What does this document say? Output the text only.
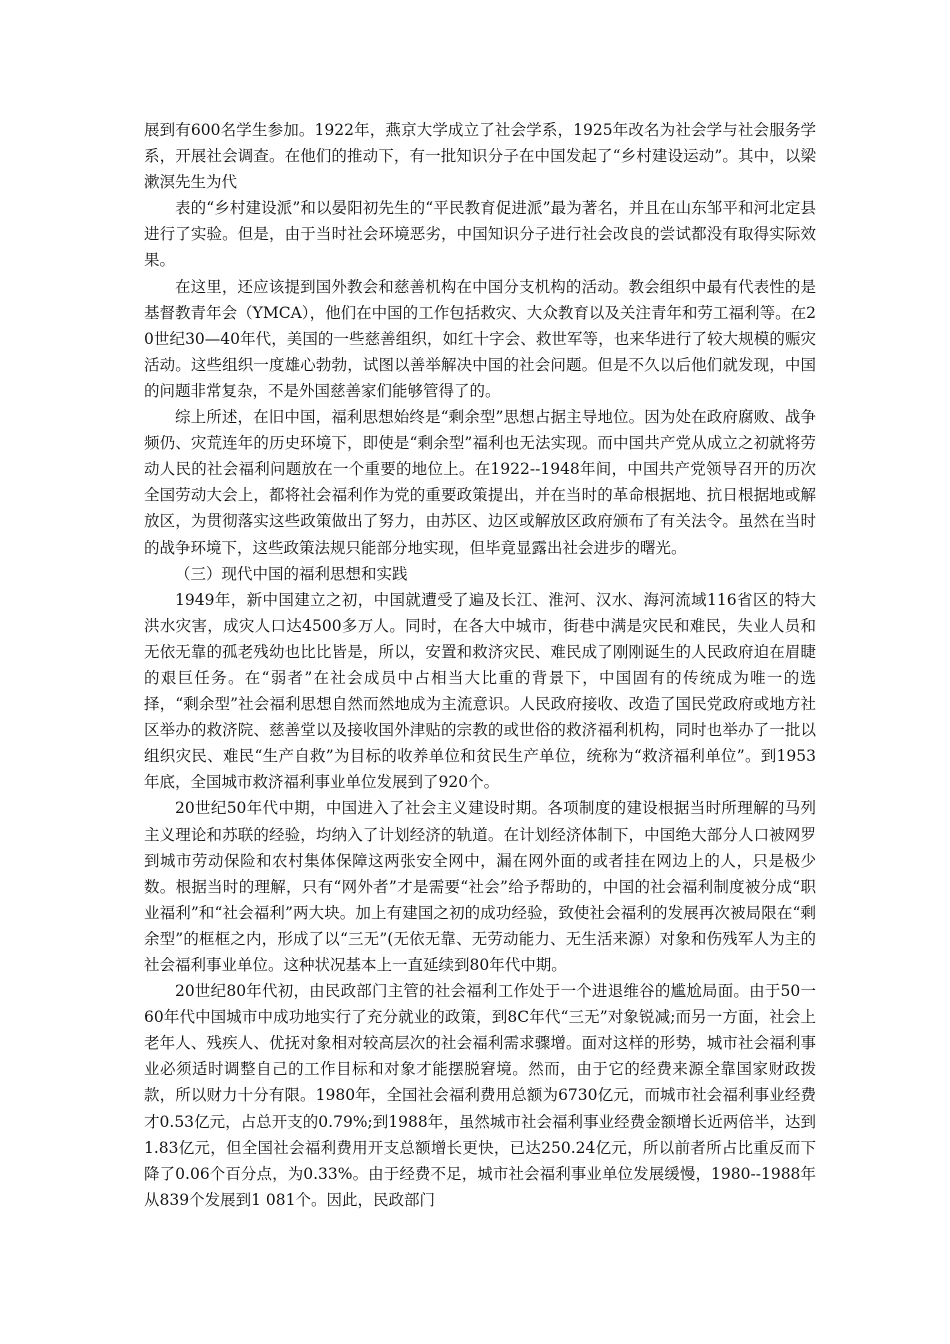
展到有600名学生参加。1922年，燕京大学成立了社会学系，1925年改名为社会学与社会服务学系，开展社会调查。在他们的推动下，有一批知识分子在中国发起了“乡村建设运动”。其中，以梁漱溟先生为代

表的“乡村建设派”和以晏阳初先生的“平民教育促进派”最为著名，并且在山东邹平和河北定县进行了实验。但是，由于当时社会环境恶劣，中国知识分子进行社会改良的尝试都没有取得实际效果。

在这里，还应该提到国外教会和慈善机构在中国分支机构的活动。教会组织中最有代表性的是基督教青年会（YMCA），他们在中国的工作包括救灾、大众教育以及关注青年和劳工福利等。在20世纪30—40年代，美国的一些慈善组织，如红十字会、救世军等，也来华进行了较大规模的赈灾活动。这些组织一度雄心勃勃，试图以善举解决中国的社会问题。但是不久以后他们就发现，中国的问题非常复杂，不是外国慈善家们能够管得了的。

综上所述，在旧中国，福利思想始终是“剩余型”思想占据主导地位。因为处在政府腐败、战争频仍、灾荒连年的历史环境下，即使是“剩余型”福利也无法实现。而中国共产党从成立之初就将劳动人民的社会福利问题放在一个重要的地位上。在1922--1948年间，中国共产党领导召开的历次全国劳动大会上，都将社会福利作为党的重要政策提出，并在当时的革命根据地、抗日根据地或解放区，为贯彻落实这些政策做出了努力，由苏区、边区或解放区政府颁布了有关法令。虽然在当时的战争环境下，这些政策法规只能部分地实现，但毕竟显露出社会进步的曙光。

（三）现代中国的福利思想和实践

1949年，新中国建立之初，中国就遭受了遍及长江、淮河、汉水、海河流域116省区的特大洪水灾害，成灾人口达4500多万人。同时，在各大中城市，街巷中满是灾民和难民，失业人员和无依无靠的孤老残幼也比比皆是，所以，安置和救济灾民、难民成了刚刚诞生的人民政府迫在眉睫的艰巨任务。在“弱者”在社会成员中占相当大比重的背景下，中国固有的传统成为唯一的选择，“剩余型”社会福利思想自然而然地成为主流意识。人民政府接收、改造了国民党政府或地方社区举办的救济院、慈善堂以及接收国外津贴的宗教的或世俗的救济福利机构，同时也举办了一批以组织灾民、难民“生产自救”为目标的收养单位和贫民生产单位，统称为“救济福利单位”。到1953年底，全国城市救济福利事业单位发展到了920个。

20世纪50年代中期，中国进入了社会主义建设时期。各项制度的建设根据当时所理解的马列主义理论和苏联的经验，均纳入了计划经济的轨道。在计划经济体制下，中国绝大部分人口被网罗到城市劳动保险和农村集体保障这两张安全网中，漏在网外面的或者挂在网边上的人，只是极少数。根据当时的理解，只有“网外者”才是需要“社会”给予帮助的，中国的社会福利制度被分成“职业福利”和“社会福利”两大块。加上有建国之初的成功经验，致使社会福利的发展再次被局限在“剩余型”的框框之内，形成了以“三无”(无依无靠、无劳动能力、无生活来源）对象和伤残军人为主的社会福利事业单位。这种状况基本上一直延续到80年代中期。

20世纪80年代初，由民政部门主管的社会福利工作处于一个进退维谷的尴尬局面。由于50一60年代中国城市中成功地实行了充分就业的政策，到8C年代“三无”对象锐减;而另一方面，社会上老年人、残疾人、优抚对象相对较高层次的社会福利需求骤增。面对这样的形势，城市社会福利事业必须适时调整自己的工作目标和对象才能摆脱窘境。然而，由于它的经费来源全靠国家财政拨款，所以财力十分有限。1980年，全国社会福利费用总额为6730亿元，而城市社会福利事业经费才0.53亿元，占总开支的0.79%;到1988年，虽然城市社会福利事业经费金额增长近两倍半，达到1.83亿元，但全国社会福利费用开支总额增长更快，已达250.24亿元，所以前者所占比重反而下降了0.06个百分点，为0.33%。由于经费不足，城市社会福利事业单位发展缓慢，1980--1988年从839个发展到1 081个。因此，民政部门
